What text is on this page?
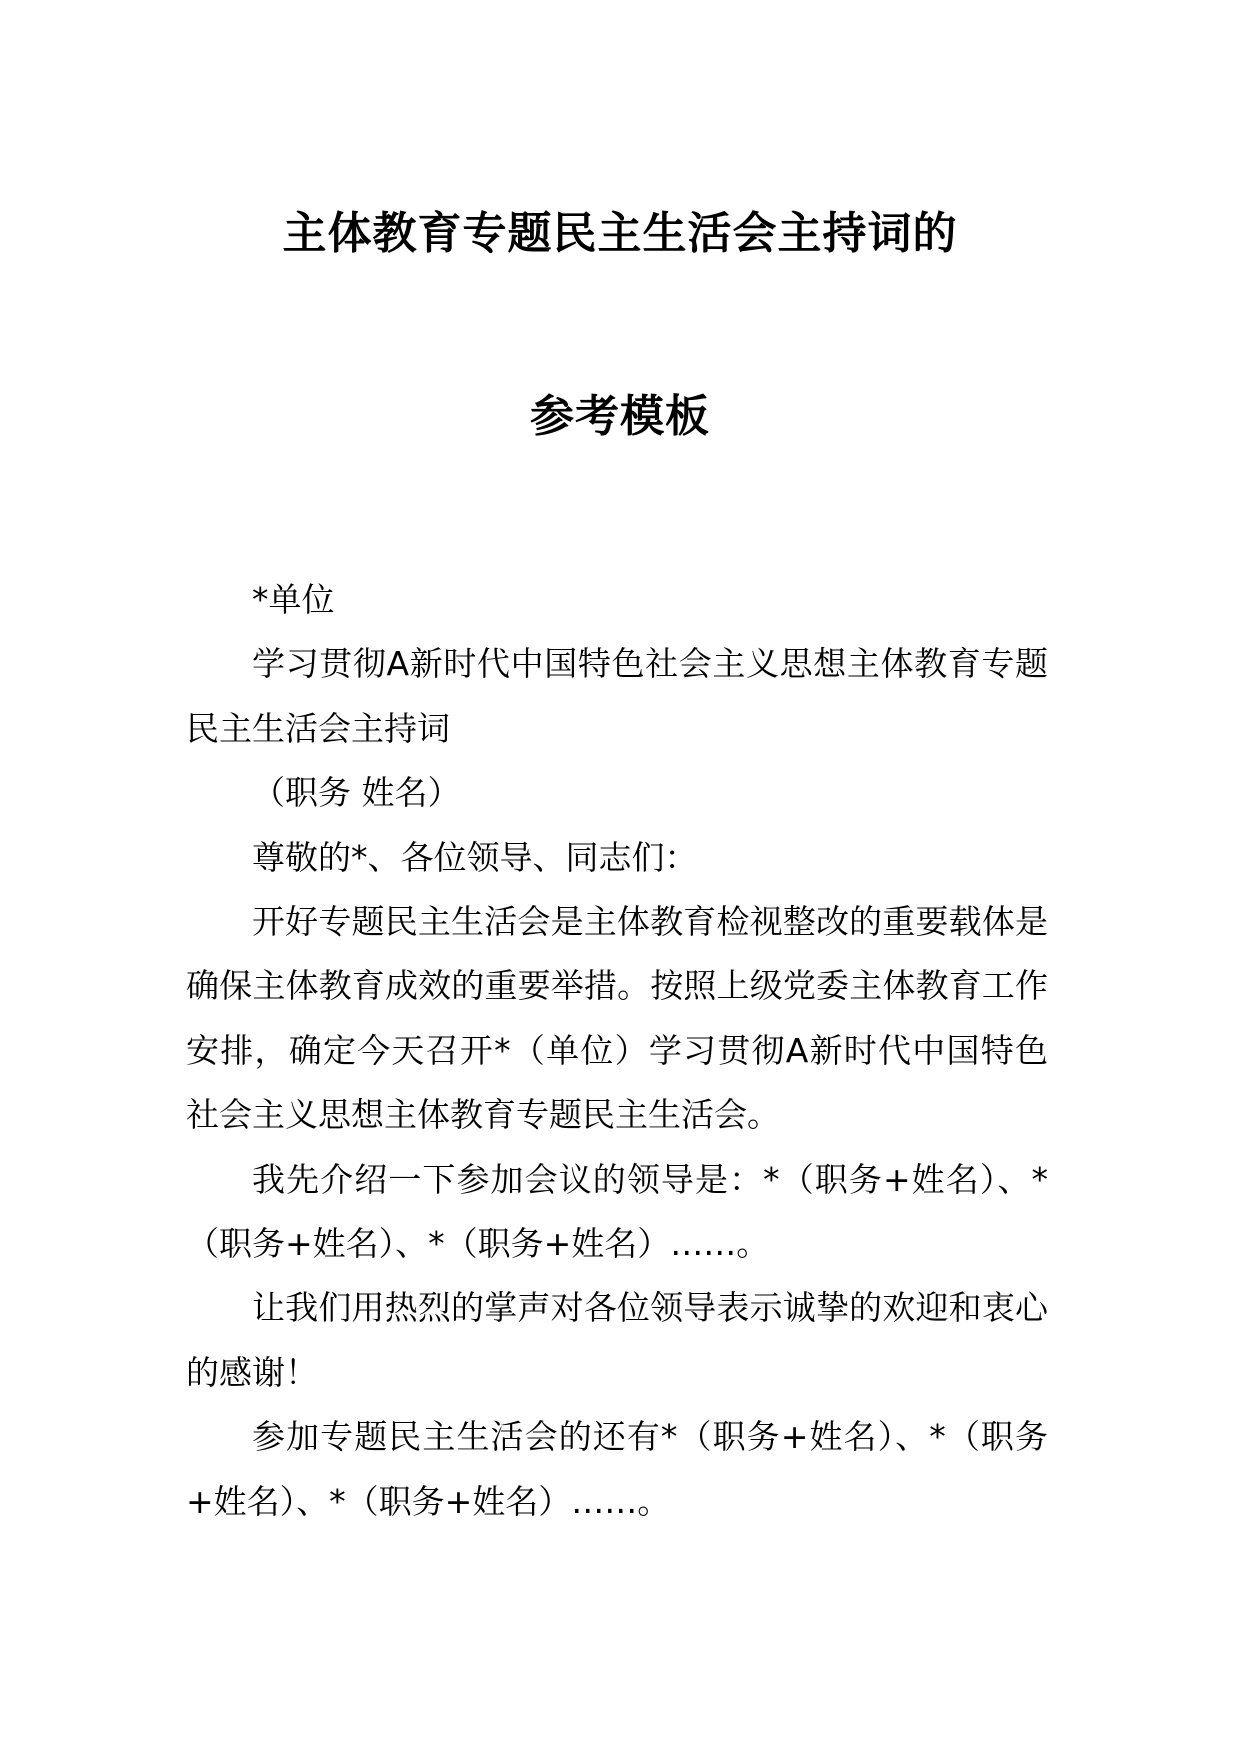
主体教育专题民主生活会主持词的
参考模板

*单位

学习贯彻A新时代中国特色社会主义思想主体教育专题民主生活会主持词

（职务 姓名）

尊敬的*、各位领导、同志们：

开好专题民主生活会是主体教育检视整改的重要载体是确保主体教育成效的重要举措。按照上级党委主体教育工作安排，确定今天召开*（单位）学习贯彻A新时代中国特色社会主义思想主体教育专题民主生活会。

我先介绍一下参加会议的领导是：*（职务+姓名）、*（职务+姓名）、*（职务+姓名）……。

让我们用热烈的掌声对各位领导表示诚挚的欢迎和衷心的感谢！

参加专题民主生活会的还有*（职务+姓名）、*（职务+姓名）、*（职务+姓名）……。
